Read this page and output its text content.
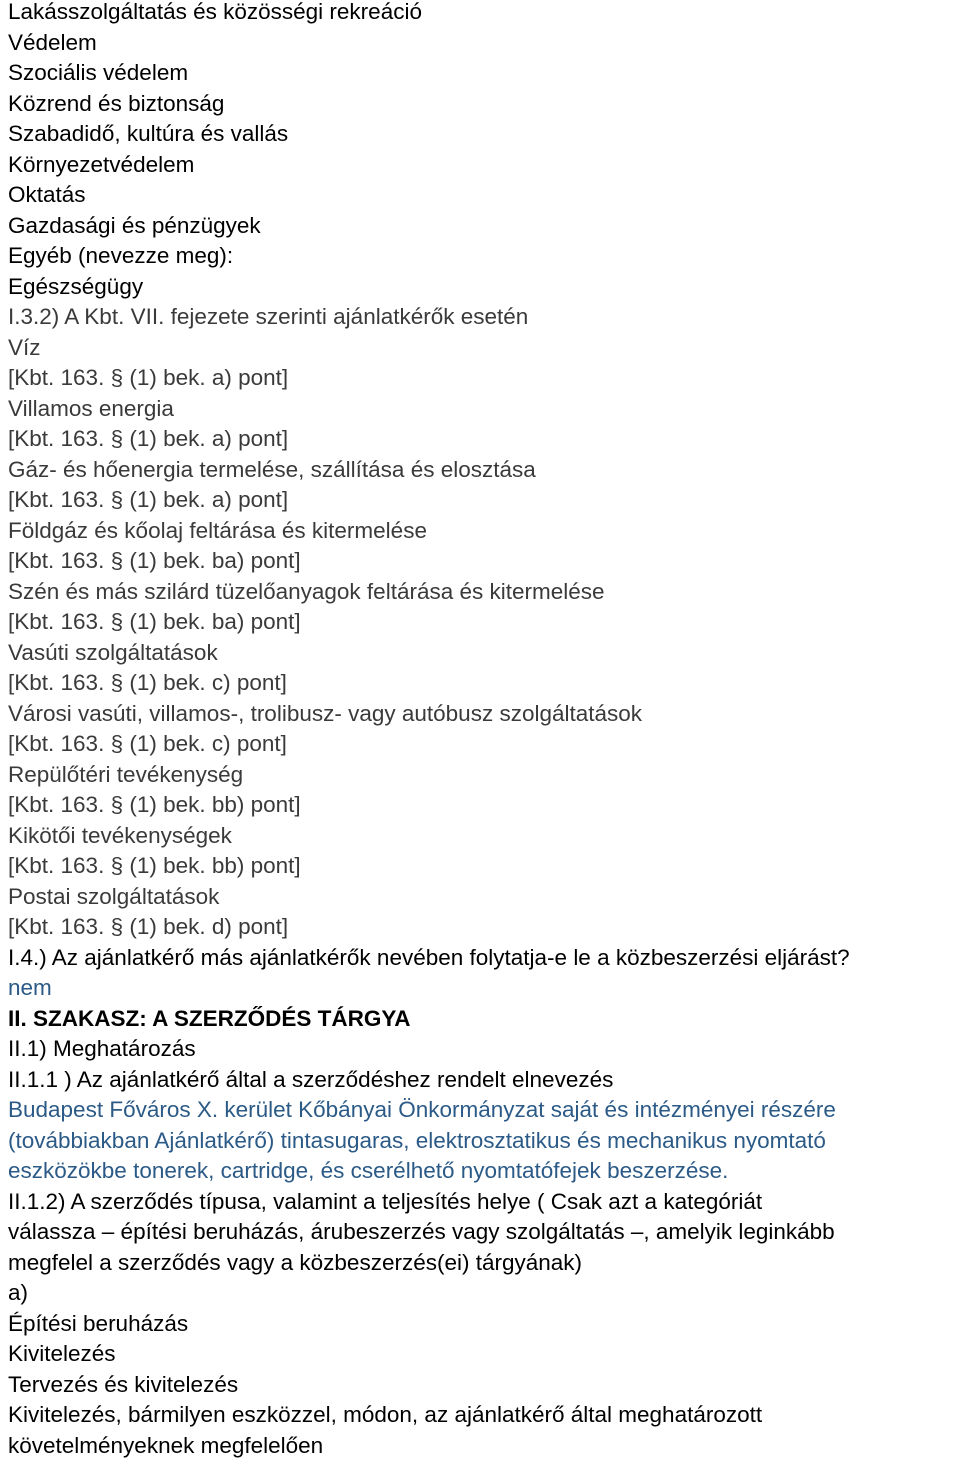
Lakásszolgáltatás és közösségi rekreáció
Védelem
Szociális védelem
Közrend és biztonság
Szabadidő, kultúra és vallás
Környezetvédelem
Oktatás
Gazdasági és pénzügyek
Egyéb (nevezze meg):
Egészségügy
I.3.2) A Kbt. VII. fejezete szerinti ajánlatkérők esetén
Víz
[Kbt. 163. § (1) bek. a) pont]
Villamos energia
[Kbt. 163. § (1) bek. a) pont]
Gáz- és hőenergia termelése, szállítása és elosztása
[Kbt. 163. § (1) bek. a) pont]
Földgáz és kőolaj feltárása és kitermelése
[Kbt. 163. § (1) bek. ba) pont]
Szén és más szilárd tüzelőanyagok feltárása és kitermelése
[Kbt. 163. § (1) bek. ba) pont]
Vasúti szolgáltatások
[Kbt. 163. § (1) bek. c) pont]
Városi vasúti, villamos-, trolibusz- vagy autóbusz szolgáltatások
[Kbt. 163. § (1) bek. c) pont]
Repülőtéri tevékenység
[Kbt. 163. § (1) bek. bb) pont]
Kikötői tevékenységek
[Kbt. 163. § (1) bek. bb) pont]
Postai szolgáltatások
[Kbt. 163. § (1) bek. d) pont]
I.4.) Az ajánlatkérő más ajánlatkérők nevében folytatja-e le a közbeszerzési eljárást?
nem
II. SZAKASZ: A SZERZŐDÉS TÁRGYA
II.1) Meghatározás
II.1.1 ) Az ajánlatkérő által a szerződéshez rendelt elnevezés
Budapest Főváros X. kerület Kőbányai Önkormányzat saját és intézményei részére
(továbbiakban Ajánlatkérő) tintasugaras, elektrosztatikus és mechanikus nyomtató
eszközökbe tonerek, cartridge, és cserélhető nyomtatófejek beszerzése.
II.1.2) A szerződés típusa, valamint a teljesítés helye ( Csak azt a kategóriát
válassza – építési beruházás, árubeszerzés vagy szolgáltatás –, amelyik leginkább
megfelel a szerződés vagy a közbeszerzés(ei) tárgyának)
a)
Építési beruházás
Kivitelezés
Tervezés és kivitelezés
Kivitelezés, bármilyen eszközzel, módon, az ajánlatkérő által meghatározott
követelményeknek megfelelően
